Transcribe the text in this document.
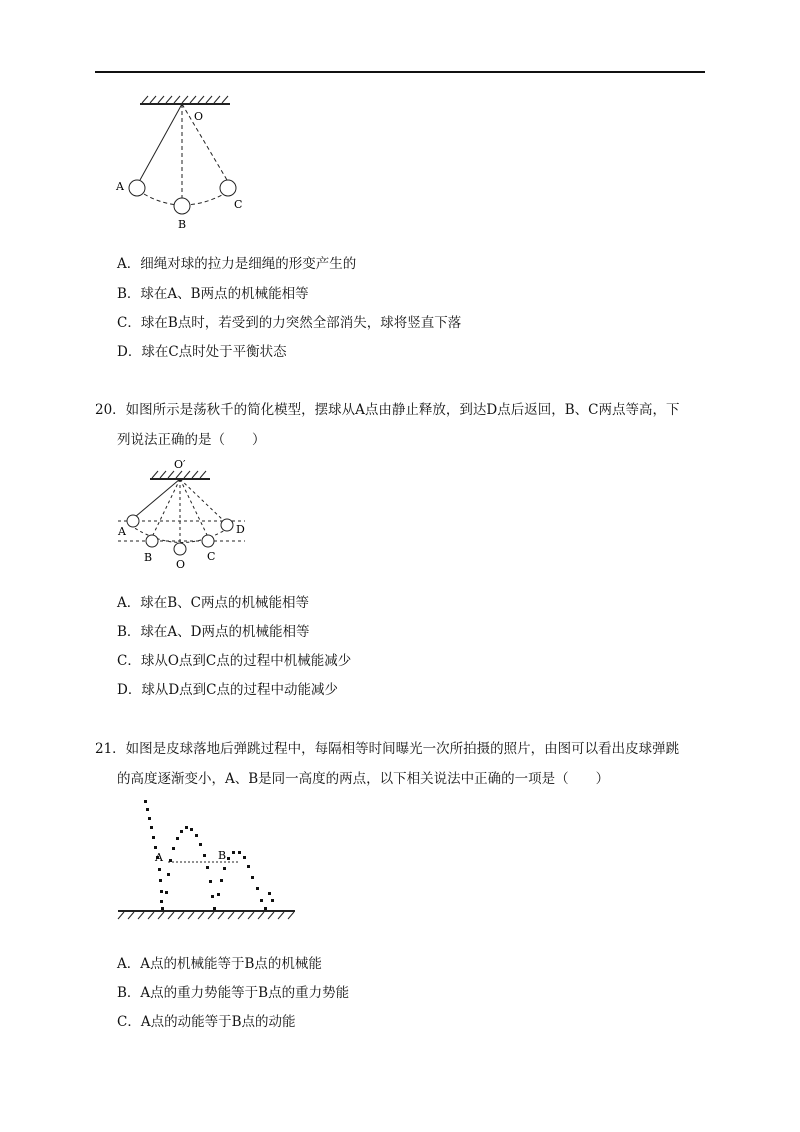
O
A
B
C
A．细绳对球的拉力是细绳的形变产生的
B．球在A、B两点的机械能相等
C．球在B点时，若受到的力突然全部消失，球将竖直下落
D．球在C点时处于平衡状态
20．如图所示是荡秋千的简化模型，摆球从A点由静止释放，到达D点后返回，B、C两点等高，下
列说法正确的是（　　）
O′
A
B
O
C
D
A．球在B、C两点的机械能相等
B．球在A、D两点的机械能相等
C．球从O点到C点的过程中机械能减少
D．球从D点到C点的过程中动能减少
21．如图是皮球落地后弹跳过程中，每隔相等时间曝光一次所拍摄的照片，由图可以看出皮球弹跳
的高度逐渐变小，A、B是同一高度的两点，以下相关说法中正确的一项是（　　）
A	B
A．A点的机械能等于B点的机械能
B．A点的重力势能等于B点的重力势能
C．A点的动能等于B点的动能
